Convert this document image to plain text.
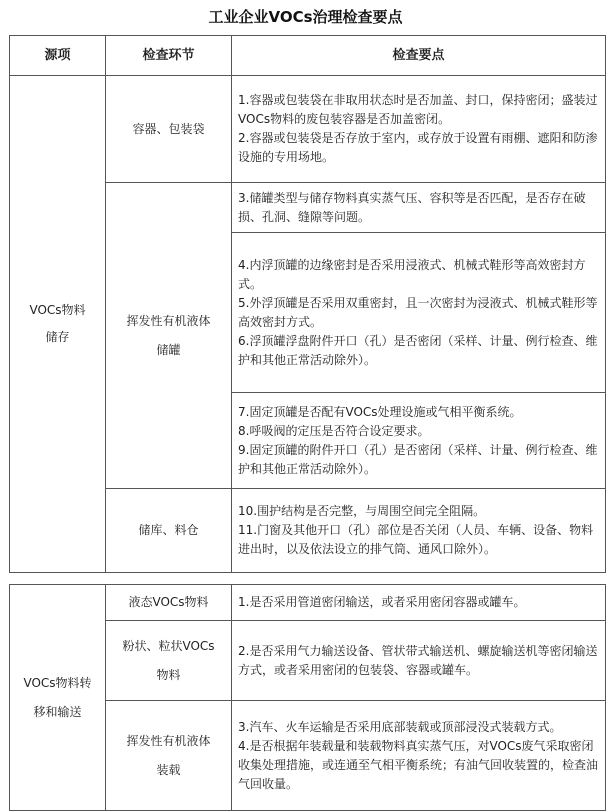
工业企业VOCs治理检查要点
源项	检查环节	检查要点

VOCs物料
储存	容器、包装袋	1.容器或包装袋在非取用状态时是否加盖、封口，保持密闭；盛装过VOCs物料的废包装容器是否加盖密闭。
2.容器或包装袋是否存放于室内，或存放于设置有雨棚、遮阳和防渗设施的专用场地。

	挥发性有机液体
储罐	3.储罐类型与储存物料真实蒸气压、容积等是否匹配，是否存在破损、孔洞、缝隙等问题。

		4.内浮顶罐的边缘密封是否采用浸液式、机械式鞋形等高效密封方式。
5.外浮顶罐是否采用双重密封，且一次密封为浸液式、机械式鞋形等高效密封方式。
6.浮顶罐浮盘附件开口（孔）是否密闭（采样、计量、例行检查、维护和其他正常活动除外）。

		7.固定顶罐是否配有VOCs处理设施或气相平衡系统。
8.呼吸阀的定压是否符合设定要求。
9.固定顶罐的附件开口（孔）是否密闭（采样、计量、例行检查、维护和其他正常活动除外）。

	储库、料仓	10.围护结构是否完整，与周围空间完全阻隔。
11.门窗及其他开口（孔）部位是否关闭（人员、车辆、设备、物料进出时，以及依法设立的排气筒、通风口除外）。
VOCs物料转
移和输送	液态VOCs物料	1.是否采用管道密闭输送，或者采用密闭容器或罐车。

	粉状、粒状VOCs
物料	2.是否采用气力输送设备、管状带式输送机、螺旋输送机等密闭输送方式，或者采用密闭的包装袋、容器或罐车。

	挥发性有机液体
装载	3.汽车、火车运输是否采用底部装载或顶部浸没式装载方式。
4.是否根据年装载量和装载物料真实蒸气压，对VOCs废气采取密闭收集处理措施，或连通至气相平衡系统；有油气回收装置的，检查油气回收量。
